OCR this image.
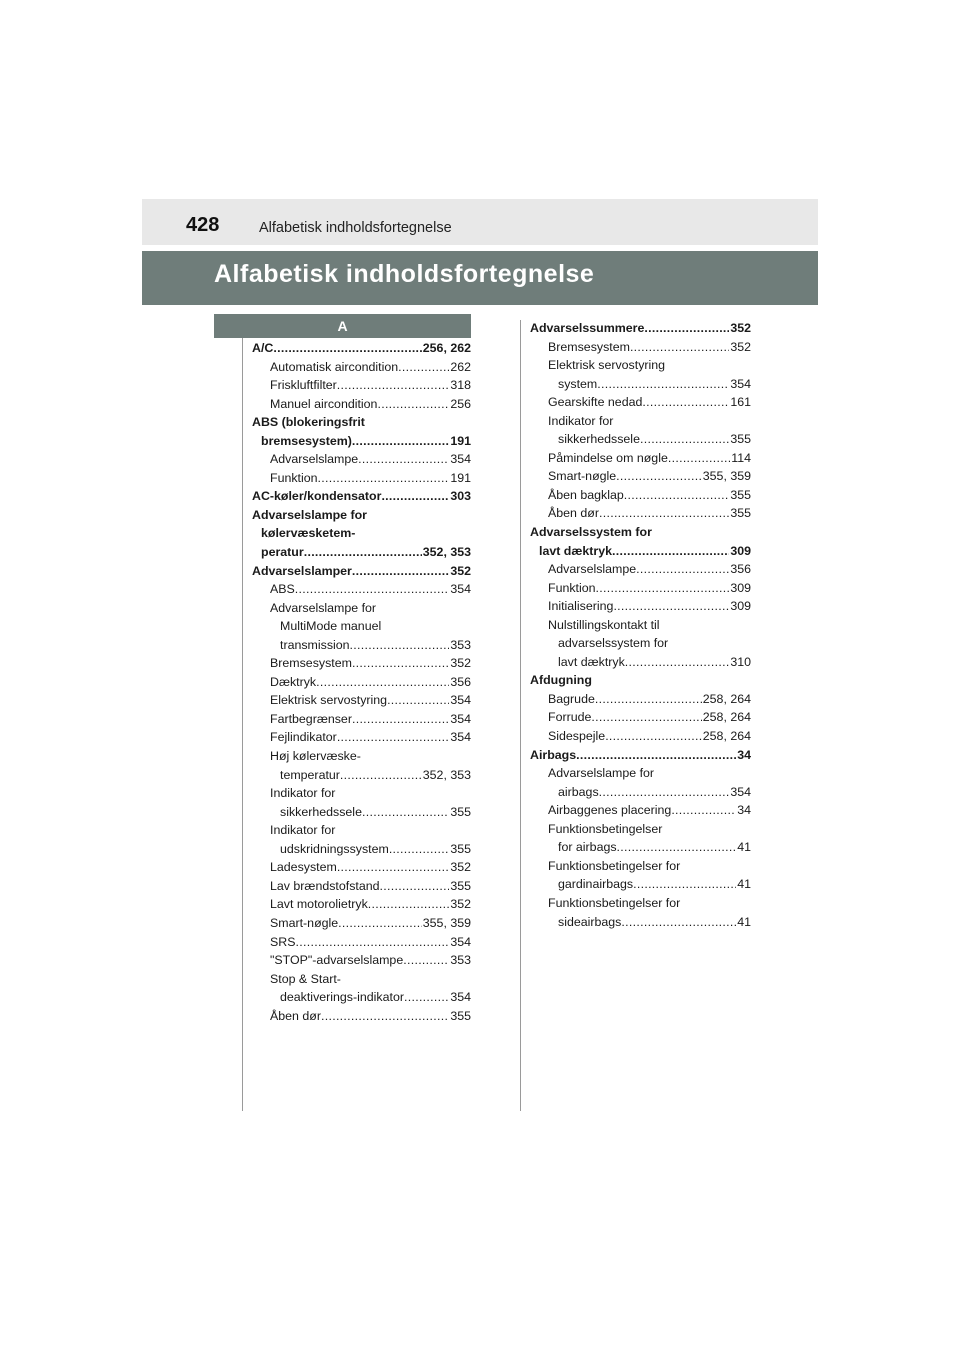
428	Alfabetisk indholdsfortegnelse
Alfabetisk indholdsfortegnelse
A
A/C .....	256, 262
Automatisk aircondition .....	262
Friskluftfilter .....	318
Manuel aircondition .....	256
ABS (blokeringsfrit
bremsesystem) .....	191
Advarselslampe .....	354
Funktion .....	191
AC-køler/kondensator .....	303
Advarselslampe for
kølervæsketem-
peratur .....	352, 353
Advarselslamper .....	352
ABS .....	354
Advarselslampe for
MultiMode manuel
transmission .....	353
Bremsesystem .....	352
Dæktryk .....	356
Elektrisk servostyring .....	354
Fartbegrænser .....	354
Fejlindikator .....	354
Høj kølervæske-
temperatur .....	352, 353
Indikator for
sikkerhedssele .....	355
Indikator for
udskridningssystem .....	355
Ladesystem .....	352
Lav brændstofstand .....	355
Lavt motorolietryk .....	352
Smart-nøgle .....	355, 359
SRS .....	354
"STOP"-advarselslampe .....	353
Stop & Start-
deaktiverings-indikator .....	354
Åben dør .....	355
Advarselssummere .....	352
Bremsesystem .....	352
Elektrisk servostyring
system .....	354
Gearskifte nedad .....	161
Indikator for
sikkerhedssele .....	355
Påmindelse om nøgle .....	114
Smart-nøgle .....	355, 359
Åben bagklap .....	355
Åben dør .....	355
Advarselssystem for
lavt dæktryk .....	309
Advarselslampe .....	356
Funktion .....	309
Initialisering .....	309
Nulstillingskontakt til
advarselssystem for
lavt dæktryk .....	310
Afdugning
Bagrude .....	258, 264
Forrude .....	258, 264
Sidespejle .....	258, 264
Airbags .....	34
Advarselslampe for
airbags .....	354
Airbaggenes placering .....	34
Funktionsbetingelser
for airbags .....	41
Funktionsbetingelser for
gardinairbags .....	41
Funktionsbetingelser for
sideairbags .....	41
